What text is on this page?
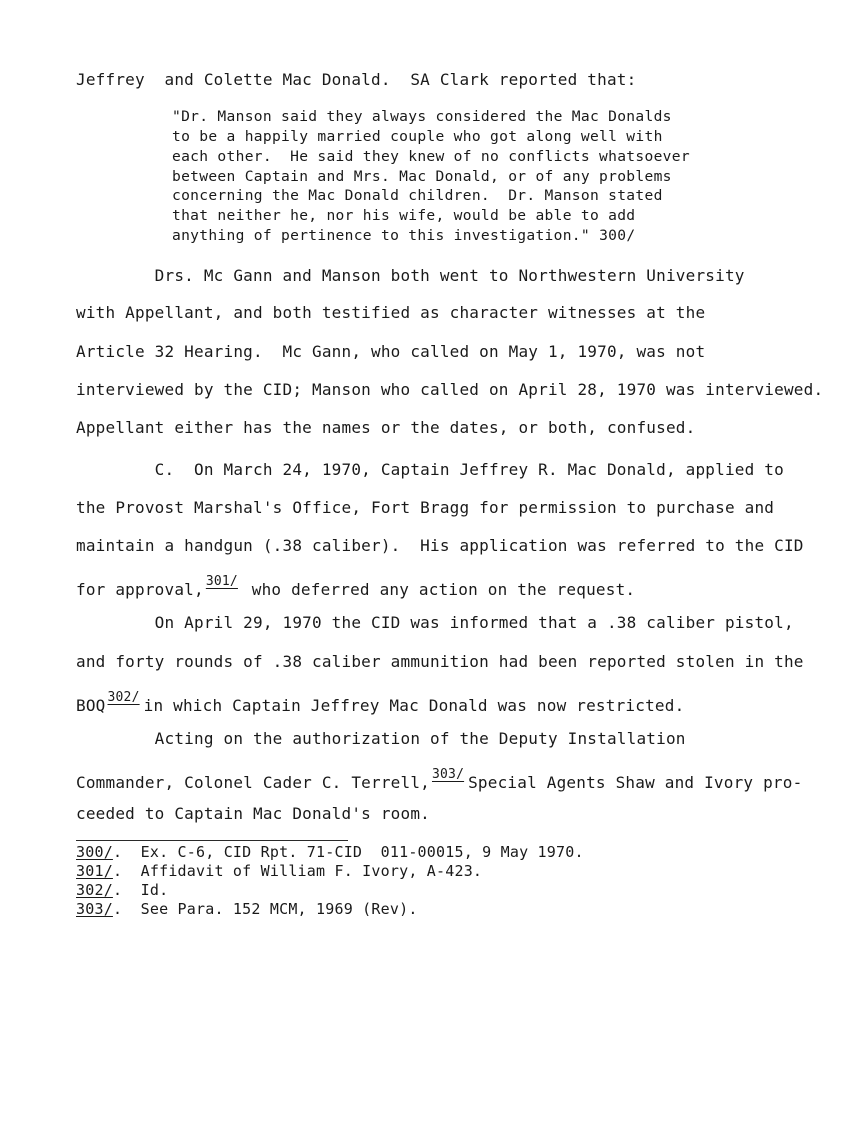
Jeffrey  and Colette Mac Donald.  SA Clark reported that:

"Dr. Manson said they always considered the Mac Donalds

to be a happily married couple who got along well with

each other.  He said they knew of no conflicts whatsoever

between Captain and Mrs. Mac Donald, or of any problems

concerning the Mac Donald children.  Dr. Manson stated

that neither he, nor his wife, would be able to add

anything of pertinence to this investigation." 300/

Drs. Mc Gann and Manson both went to Northwestern University

with Appellant, and both testified as character witnesses at the

Article 32 Hearing.  Mc Gann, who called on May 1, 1970, was not

interviewed by the CID; Manson who called on April 28, 1970 was interviewed.

Appellant either has the names or the dates, or both, confused.

C.  On March 24, 1970, Captain Jeffrey R. Mac Donald, applied to

the Provost Marshal's Office, Fort Bragg for permission to purchase and

maintain a handgun (.38 caliber).  His application was referred to the CID

for approval, 301/ who deferred any action on the request.

On April 29, 1970 the CID was informed that a .38 caliber pistol,

and forty rounds of .38 caliber ammunition had been reported stolen in the

BOQ 302/ in which Captain Jeffrey Mac Donald was now restricted.

Acting on the authorization of the Deputy Installation

Commander, Colonel Cader C. Terrell, 303/ Special Agents Shaw and Ivory pro-

ceeded to Captain Mac Donald's room.

300/.  Ex. C-6, CID Rpt. 71-CID  011-00015, 9 May 1970.

301/.  Affidavit of William F. Ivory, A-423.

302/.  Id.

303/.  See Para. 152 MCM, 1969 (Rev).
